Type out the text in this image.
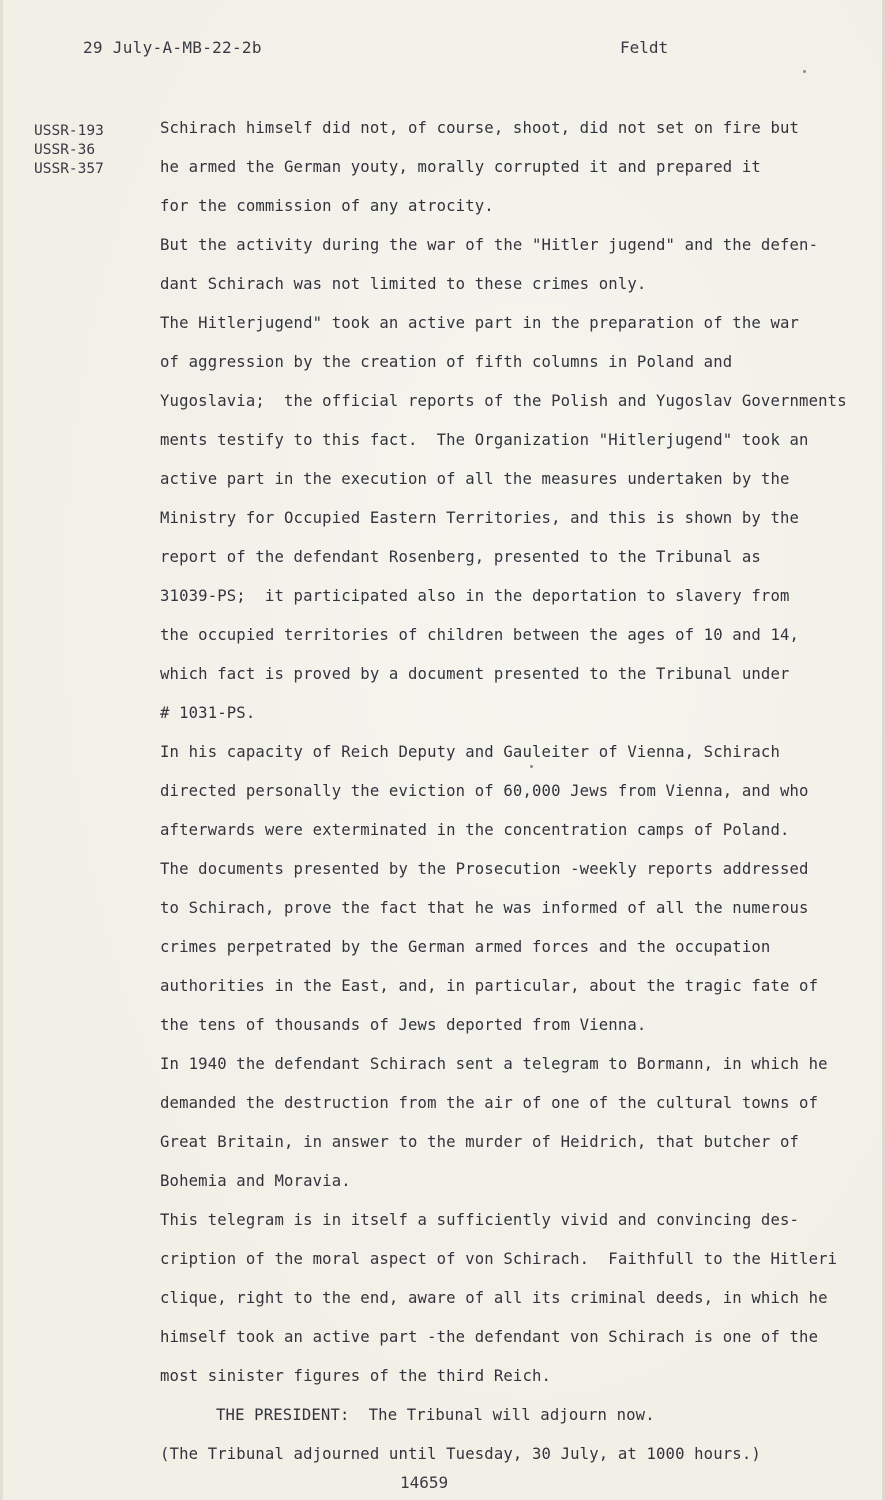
29 July-A-MB-22-2b	Feldt
USSR-193
USSR-36
USSR-357
Schirach himself did not, of course, shoot, did not set on fire but
he armed the German youty, morally corrupted it and prepared it
for the commission of any atrocity.
But the activity during the war of the "Hitler jugend" and the defen-
dant Schirach was not limited to these crimes only.
The Hitlerjugend" took an active part in the preparation of the war
of aggression by the creation of fifth columns in Poland and
Yugoslavia;  the official reports of the Polish and Yugoslav Governments
ments testify to this fact.  The Organization "Hitlerjugend" took an
active part in the execution of all the measures undertaken by the
Ministry for Occupied Eastern Territories, and this is shown by the
report of the defendant Rosenberg, presented to the Tribunal as
31039-PS;  it participated also in the deportation to slavery from
the occupied territories of children between the ages of 10 and 14,
which fact is proved by a document presented to the Tribunal under
# 1031-PS.
In his capacity of Reich Deputy and Gauleiter of Vienna, Schirach
directed personally the eviction of 60,000 Jews from Vienna, and who
afterwards were exterminated in the concentration camps of Poland.
The documents presented by the Prosecution -weekly reports addressed
to Schirach, prove the fact that he was informed of all the numerous
crimes perpetrated by the German armed forces and the occupation
authorities in the East, and, in particular, about the tragic fate of
the tens of thousands of Jews deported from Vienna.
In 1940 the defendant Schirach sent a telegram to Bormann, in which he
demanded the destruction from the air of one of the cultural towns of
Great Britain, in answer to the murder of Heidrich, that butcher of
Bohemia and Moravia.
This telegram is in itself a sufficiently vivid and convincing des-
cription of the moral aspect of von Schirach.  Faithfull to the Hitleri
clique, right to the end, aware of all its criminal deeds, in which he
himself took an active part -the defendant von Schirach is one of the
most sinister figures of the third Reich.
THE PRESIDENT:  The Tribunal will adjourn now.
(The Tribunal adjourned until Tuesday, 30 July, at 1000 hours.)
14659
